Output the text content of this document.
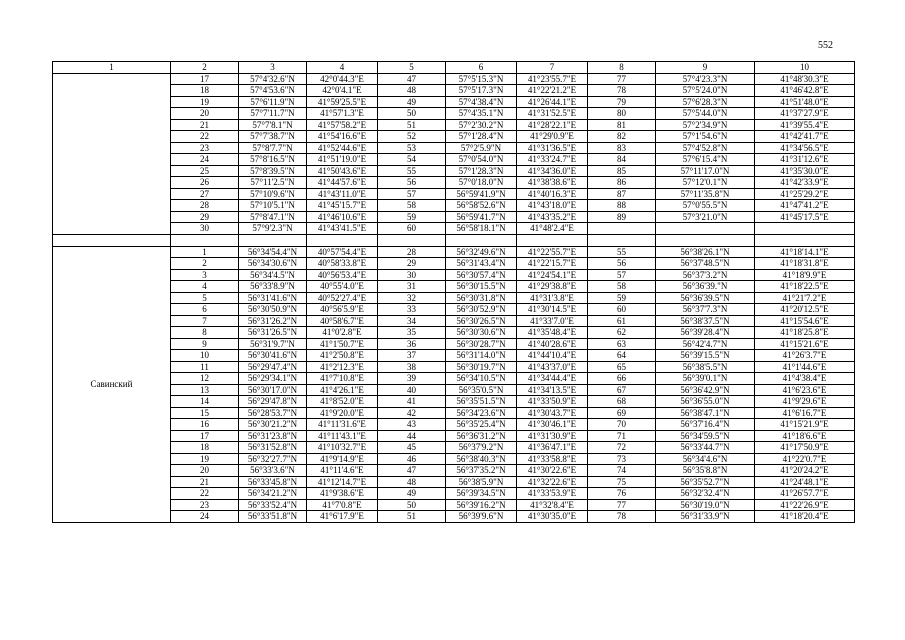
552
1	2	3	4	5	6	7	8	9	10
	17	57°4'32.6"N	42°0'44.3"E	47	57°5'15.3"N	41°23'55.7"E	77	57°4'23.3"N	41°48'30.3"E
	18	57°4'53.6"N	42°0'4.1"E	48	57°5'17.3"N	41°22'21.2"E	78	57°5'24.0"N	41°46'42.8"E
	19	57°6'11.9"N	41°59'25.5"E	49	57°4'38.4"N	41°26'44.1"E	79	57°6'28.3"N	41°51'48.0"E
	20	57°7'11.7"N	41°57'1.3"E	50	57°4'35.1"N	41°31'52.5"E	80	57°5'44.0"N	41°37'27.9"E
	21	57°7'8.1"N	41°57'58.2"E	51	57°2'30.2"N	41°28'22.1"E	81	57°2'34.9"N	41°39'55.4"E
	22	57°7'38.7"N	41°54'16.6"E	52	57°1'28.4"N	41°29'0.9"E	82	57°1'54.6"N	41°42'41.7"E
	23	57°8'7.7"N	41°52'44.6"E	53	57°2'5.9"N	41°31'36.5"E	83	57°4'52.8"N	41°34'56.5"E
	24	57°8'16.5"N	41°51'19.0"E	54	57°0'54.0"N	41°33'24.7"E	84	57°6'15.4"N	41°31'12.6"E
	25	57°8'39.5"N	41°50'43.6"E	55	57°1'28.3"N	41°34'36.0"E	85	57°11'17.0"N	41°35'30.0"E
	26	57°11'2.5"N	41°44'57.6"E	56	57°0'18.0"N	41°38'38.6"E	86	57°12'0.1"N	41°42'33.9"E
	27	57°10'9.6"N	41°43'11.0"E	57	56°59'41.9"N	41°40'16.3"E	87	57°11'35.8"N	41°25'29.2"E
	28	57°10'5.1"N	41°45'15.7"E	58	56°58'52.6"N	41°43'18.0"E	88	57°0'55.5"N	41°47'41.2"E
	29	57°8'47.1"N	41°46'10.6"E	59	56°59'41.7"N	41°43'35.2"E	89	57°3'21.0"N	41°45'17.5"E
	30	57°9'2.3"N	41°43'41.5"E	60	56°58'18.1"N	41°48'2.4"E			

Савинский	1	56°34'54.4"N	40°57'54.4"E	28	56°32'49.6"N	41°22'55.7"E	55	56°38'26.1"N	41°18'14.1"E
	2	56°34'30.6"N	40°58'33.8"E	29	56°31'43.4"N	41°22'15.7"E	56	56°37'48.5"N	41°18'31.8"E
	3	56°34'4.5"N	40°56'53.4"E	30	56°30'57.4"N	41°24'54.1"E	57	56°37'3.2"N	41°18'9.9"E
	4	56°33'8.9"N	40°55'4.0"E	31	56°30'15.5"N	41°29'38.8"E	58	56°36'39."N	41°18'22.5"E
	5	56°31'41.6"N	40°52'27.4"E	32	56°30'31.8"N	41°31'3.8"E	59	56°36'39.5"N	41°21'7.2"E
	6	56°30'50.9"N	40°56'5.9"E	33	56°30'52.9"N	41°30'14.5"E	60	56°37'7.3"N	41°20'12.5"E
	7	56°31'26.2"N	40°58'6.7"E	34	56°30'26.5"N	41°33'7.0"E	61	56°38'37.5"N	41°15'54.6"E
	8	56°31'26.5"N	41°0'2.8"E	35	56°30'30.6"N	41°35'48.4"E	62	56°39'28.4"N	41°18'25.8"E
	9	56°31'9.7"N	41°1'50.7"E	36	56°30'28.7"N	41°40'28.6"E	63	56°42'4.7"N	41°15'21.6"E
	10	56°30'41.6"N	41°2'50.8"E	37	56°31'14.0"N	41°44'10.4"E	64	56°39'15.5"N	41°26'3.7"E
	11	56°29'47.4"N	41°2'12.3"E	38	56°30'19.7"N	41°43'37.0"E	65	56°38'5.5"N	41°1'44.6"E
	12	56°29'34.1"N	41°7'10.8"E	39	56°34'10.5"N	41°34'44.4"E	66	56°39'0.1"N	41°4'38.4"E
	13	56°30'17.0"N	41°4'26.1"E	40	56°35'0.5"N	41°34'13.5"E	67	56°36'42.9"N	41°6'23.6"E
	14	56°29'47.8"N	41°8'52.0"E	41	56°35'51.5"N	41°33'50.9"E	68	56°36'55.0"N	41°9'29.6"E
	15	56°28'53.7"N	41°9'20.0"E	42	56°34'23.6"N	41°30'43.7"E	69	56°38'47.1"N	41°6'16.7"E
	16	56°30'21.2"N	41°11'31.6"E	43	56°35'25.4"N	41°30'46.1"E	70	56°37'16.4"N	41°15'21.9"E
	17	56°31'23.8"N	41°11'43.1"E	44	56°36'31.2"N	41°31'30.9"E	71	56°34'59.5"N	41°18'6.6"E
	18	56°31'52.8"N	41°10'32.7"E	45	56°37'9.2"N	41°36'47.1"E	72	56°33'44.7"N	41°17'50.9"E
	19	56°32'27.7"N	41°9'14.9"E	46	56°38'40.3"N	41°33'58.8"E	73	56°34'4.6"N	41°22'0.7"E
	20	56°33'3.6"N	41°11'4.6"E	47	56°37'35.2"N	41°30'22.6"E	74	56°35'8.8"N	41°20'24.2"E
	21	56°33'45.8"N	41°12'14.7"E	48	56°38'5.9"N	41°32'22.6"E	75	56°35'52.7"N	41°24'48.1"E
	22	56°34'21.2"N	41°9'38.6"E	49	56°39'34.5"N	41°33'53.9"E	76	56°32'32.4"N	41°26'57.7"E
	23	56°33'52.4"N	41°7'0.8"E	50	56°39'16.2"N	41°32'8.4"E	77	56°30'19.0"N	41°22'26.9"E
	24	56°33'51.8"N	41°6'17.9"E	51	56°39'9.6"N	41°30'35.0"E	78	56°31'33.9"N	41°18'20.4"E
